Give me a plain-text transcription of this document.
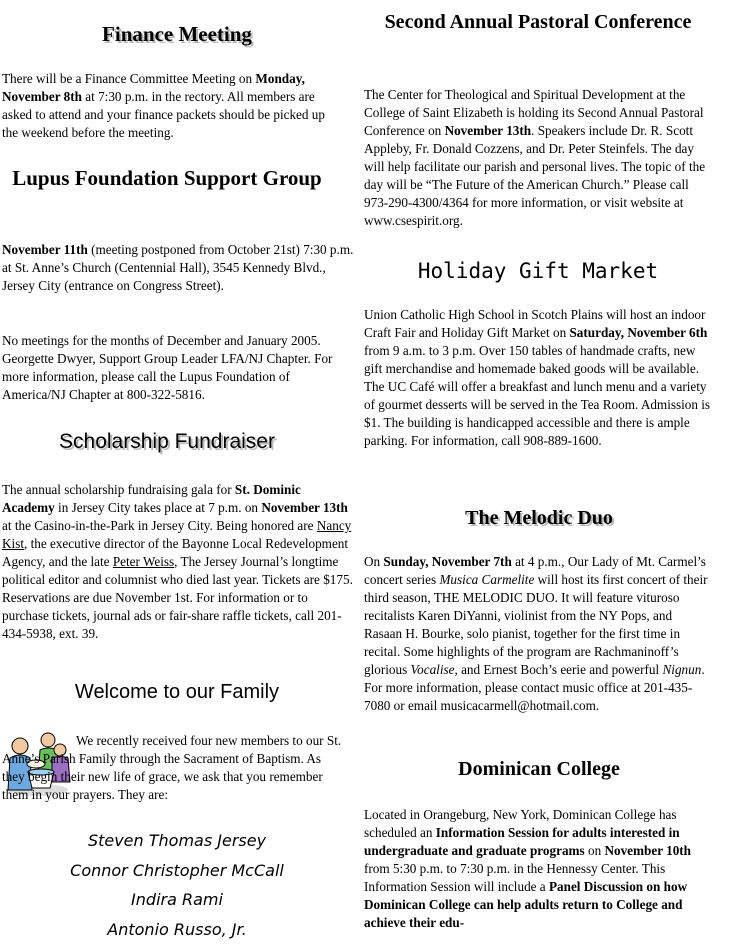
Finance Meeting

There will be a Finance Committee Meeting on Monday, November 8th at 7:30 p.m. in the rectory. All members are asked to attend and your finance packets should be picked up the weekend before the meeting.

Lupus Foundation Support Group

November 11th (meeting postponed from October 21st) 7:30 p.m. at St. Anne’s Church (Centennial Hall), 3545 Kennedy Blvd., Jersey City (entrance on Congress Street).

No meetings for the months of December and January 2005. Georgette Dwyer, Support Group Leader LFA/NJ Chapter. For more information, please call the Lupus Foundation of America/NJ Chapter at 800-322-5816.

Scholarship Fundraiser

The annual scholarship fundraising gala for St. Dominic Academy in Jersey City takes place at 7 p.m. on November 13th at the Casino-in-the-Park in Jersey City. Being honored are Nancy Kist, the executive director of the Bayonne Local Redevelopment Agency, and the late Peter Weiss, The Jersey Journal’s longtime political editor and columnist who died last year. Tickets are $175. Reservations are due November 1st. For information or to purchase tickets, journal ads or fair-share raffle tickets, call 201-434-5938, ext. 39.

Welcome to our Family

We recently received four new members to our St. Anne’s Parish Family through the Sacrament of Baptism. As they begin their new life of grace, we ask that you remember them in your prayers. They are:

Steven Thomas Jersey
Connor Christopher McCall
Indira Rami
Antonio Russo, Jr.
Second Annual Pastoral Conference

The Center for Theological and Spiritual Development at the College of Saint Elizabeth is holding its Second Annual Pastoral Conference on November 13th. Speakers include Dr. R. Scott Appleby, Fr. Donald Cozzens, and Dr. Peter Steinfels. The day will help facilitate our parish and personal lives. The topic of the day will be “The Future of the American Church.” Please call 973-290-4300/4364 for more information, or visit website at www.csespirit.org.

Holiday Gift Market

Union Catholic High School in Scotch Plains will host an indoor Craft Fair and Holiday Gift Market on Saturday, November 6th from 9 a.m. to 3 p.m. Over 150 tables of handmade crafts, new gift merchandise and homemade baked goods will be available. The UC Café will offer a breakfast and lunch menu and a variety of gourmet desserts will be served in the Tea Room. Admission is $1. The building is handicapped accessible and there is ample parking. For information, call 908-889-1600.

The Melodic Duo

On Sunday, November 7th at 4 p.m., Our Lady of Mt. Carmel’s concert series Musica Carmelite will host its first concert of their third season, THE MELODIC DUO. It will feature vituroso recitalists Karen DiYanni, violinist from the NY Pops, and Rasaan H. Bourke, solo pianist, together for the first time in recital. Some highlights of the program are Rachmaninoff’s glorious Vocalise, and Ernest Boch’s eerie and powerful Nignun. For more information, please contact music office at 201-435-7080 or email musicacarmell@hotmail.com.

Dominican College

Located in Orangeburg, New York, Dominican College has scheduled an Information Session for adults interested in undergraduate and graduate programs on November 10th from 5:30 p.m. to 7:30 p.m. in the Hennessy Center. This Information Session will include a Panel Discussion on how Dominican College can help adults return to College and achieve their edu-
